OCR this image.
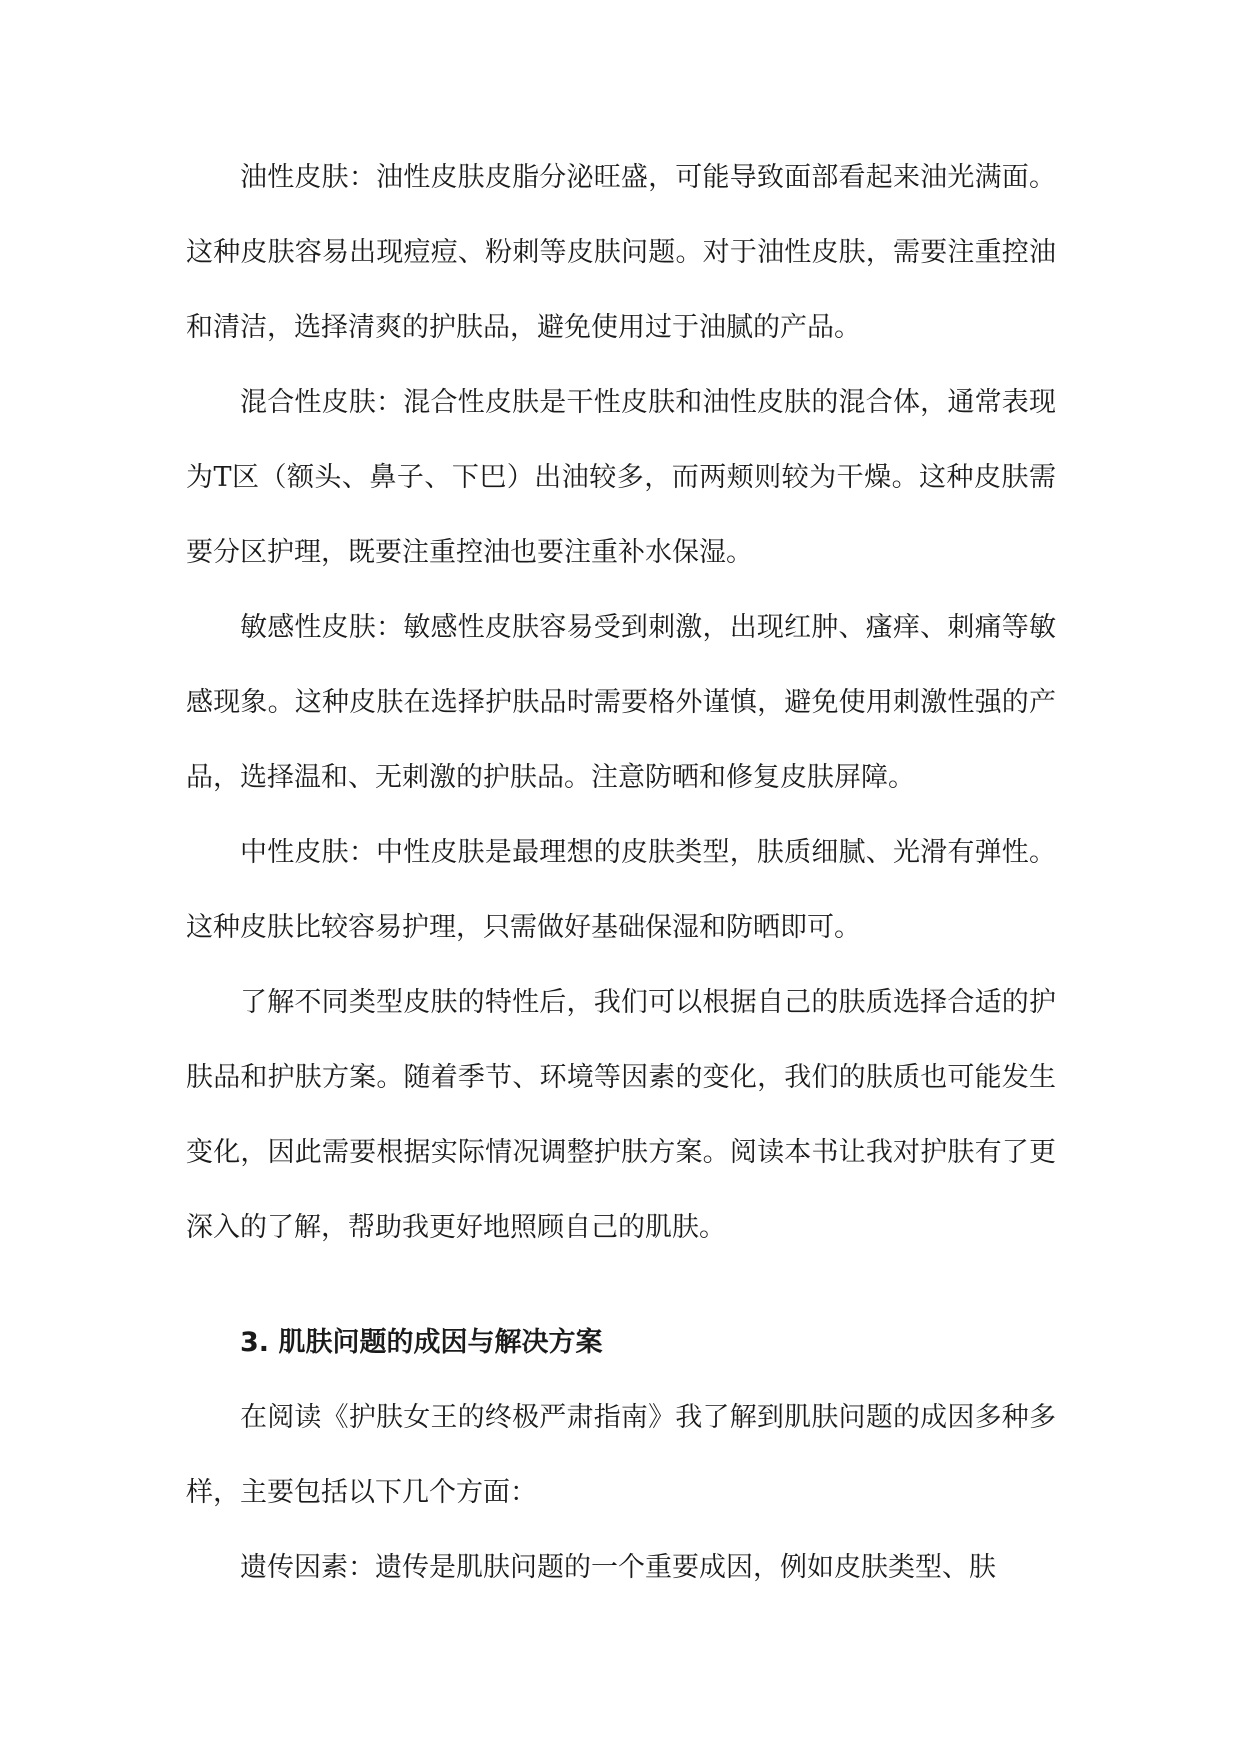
油性皮肤：油性皮肤皮脂分泌旺盛，可能导致面部看起来油光满面。这种皮肤容易出现痘痘、粉刺等皮肤问题。对于油性皮肤，需要注重控油和清洁，选择清爽的护肤品，避免使用过于油腻的产品。

混合性皮肤：混合性皮肤是干性皮肤和油性皮肤的混合体，通常表现为T区（额头、鼻子、下巴）出油较多，而两颊则较为干燥。这种皮肤需要分区护理，既要注重控油也要注重补水保湿。

敏感性皮肤：敏感性皮肤容易受到刺激，出现红肿、瘙痒、刺痛等敏感现象。这种皮肤在选择护肤品时需要格外谨慎，避免使用刺激性强的产品，选择温和、无刺激的护肤品。注意防晒和修复皮肤屏障。

中性皮肤：中性皮肤是最理想的皮肤类型，肤质细腻、光滑有弹性。这种皮肤比较容易护理，只需做好基础保湿和防晒即可。

了解不同类型皮肤的特性后，我们可以根据自己的肤质选择合适的护肤品和护肤方案。随着季节、环境等因素的变化，我们的肤质也可能发生变化，因此需要根据实际情况调整护肤方案。阅读本书让我对护肤有了更深入的了解，帮助我更好地照顾自己的肌肤。

3. 肌肤问题的成因与解决方案

在阅读《护肤女王的终极严肃指南》我了解到肌肤问题的成因多种多样，主要包括以下几个方面：

遗传因素：遗传是肌肤问题的一个重要成因，例如皮肤类型、肤
